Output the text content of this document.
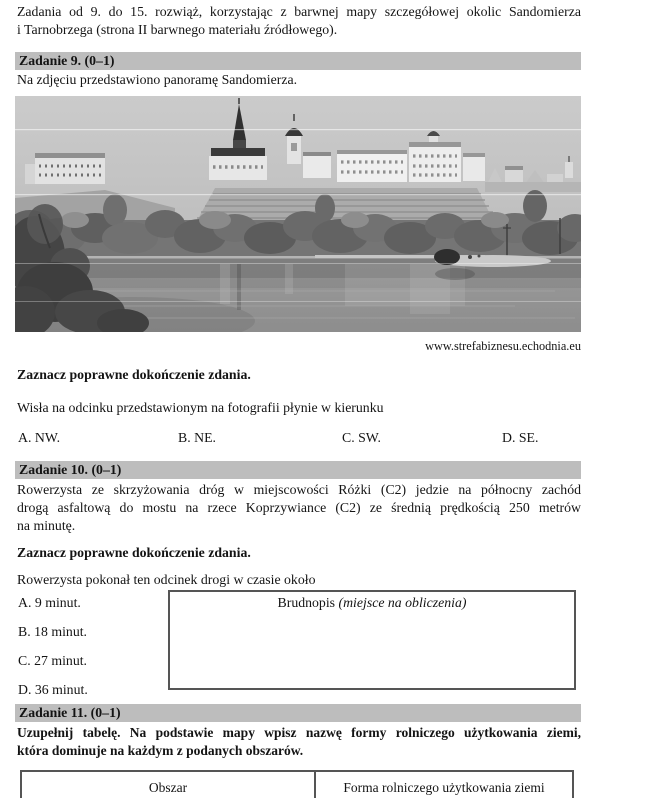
Zadania od 9. do 15. rozwiąż, korzystając z barwnej mapy szczegółowej okolic Sandomierza
i Tarnobrzega (strona II barwnego materiału źródłowego).
Zadanie 9. (0–1)
Na zdjęciu przedstawiono panoramę Sandomierza.
www.strefabiznesu.echodnia.eu
Zaznacz poprawne dokończenie zdania.
Wisła na odcinku przedstawionym na fotografii płynie w kierunku
A. NW.	B. NE.	C. SW.	D. SE.
Zadanie 10. (0–1)
Rowerzysta ze skrzyżowania dróg w miejscowości Różki (C2) jedzie na północny zachód
drogą asfaltową do mostu na rzece Koprzywiance (C2) ze średnią prędkością 250 metrów
na minutę.
Zaznacz poprawne dokończenie zdania.
Rowerzysta pokonał ten odcinek drogi w czasie około
A. 9 minut.
B. 18 minut.
C. 27 minut.
D. 36 minut.
Brudnopis (miejsce na obliczenia)
Zadanie 11. (0–1)
Uzupełnij tabelę. Na podstawie mapy wpisz nazwę formy rolniczego użytkowania ziemi,
która dominuje na każdym z podanych obszarów.
Obszar	Forma rolniczego użytkowania ziemi
